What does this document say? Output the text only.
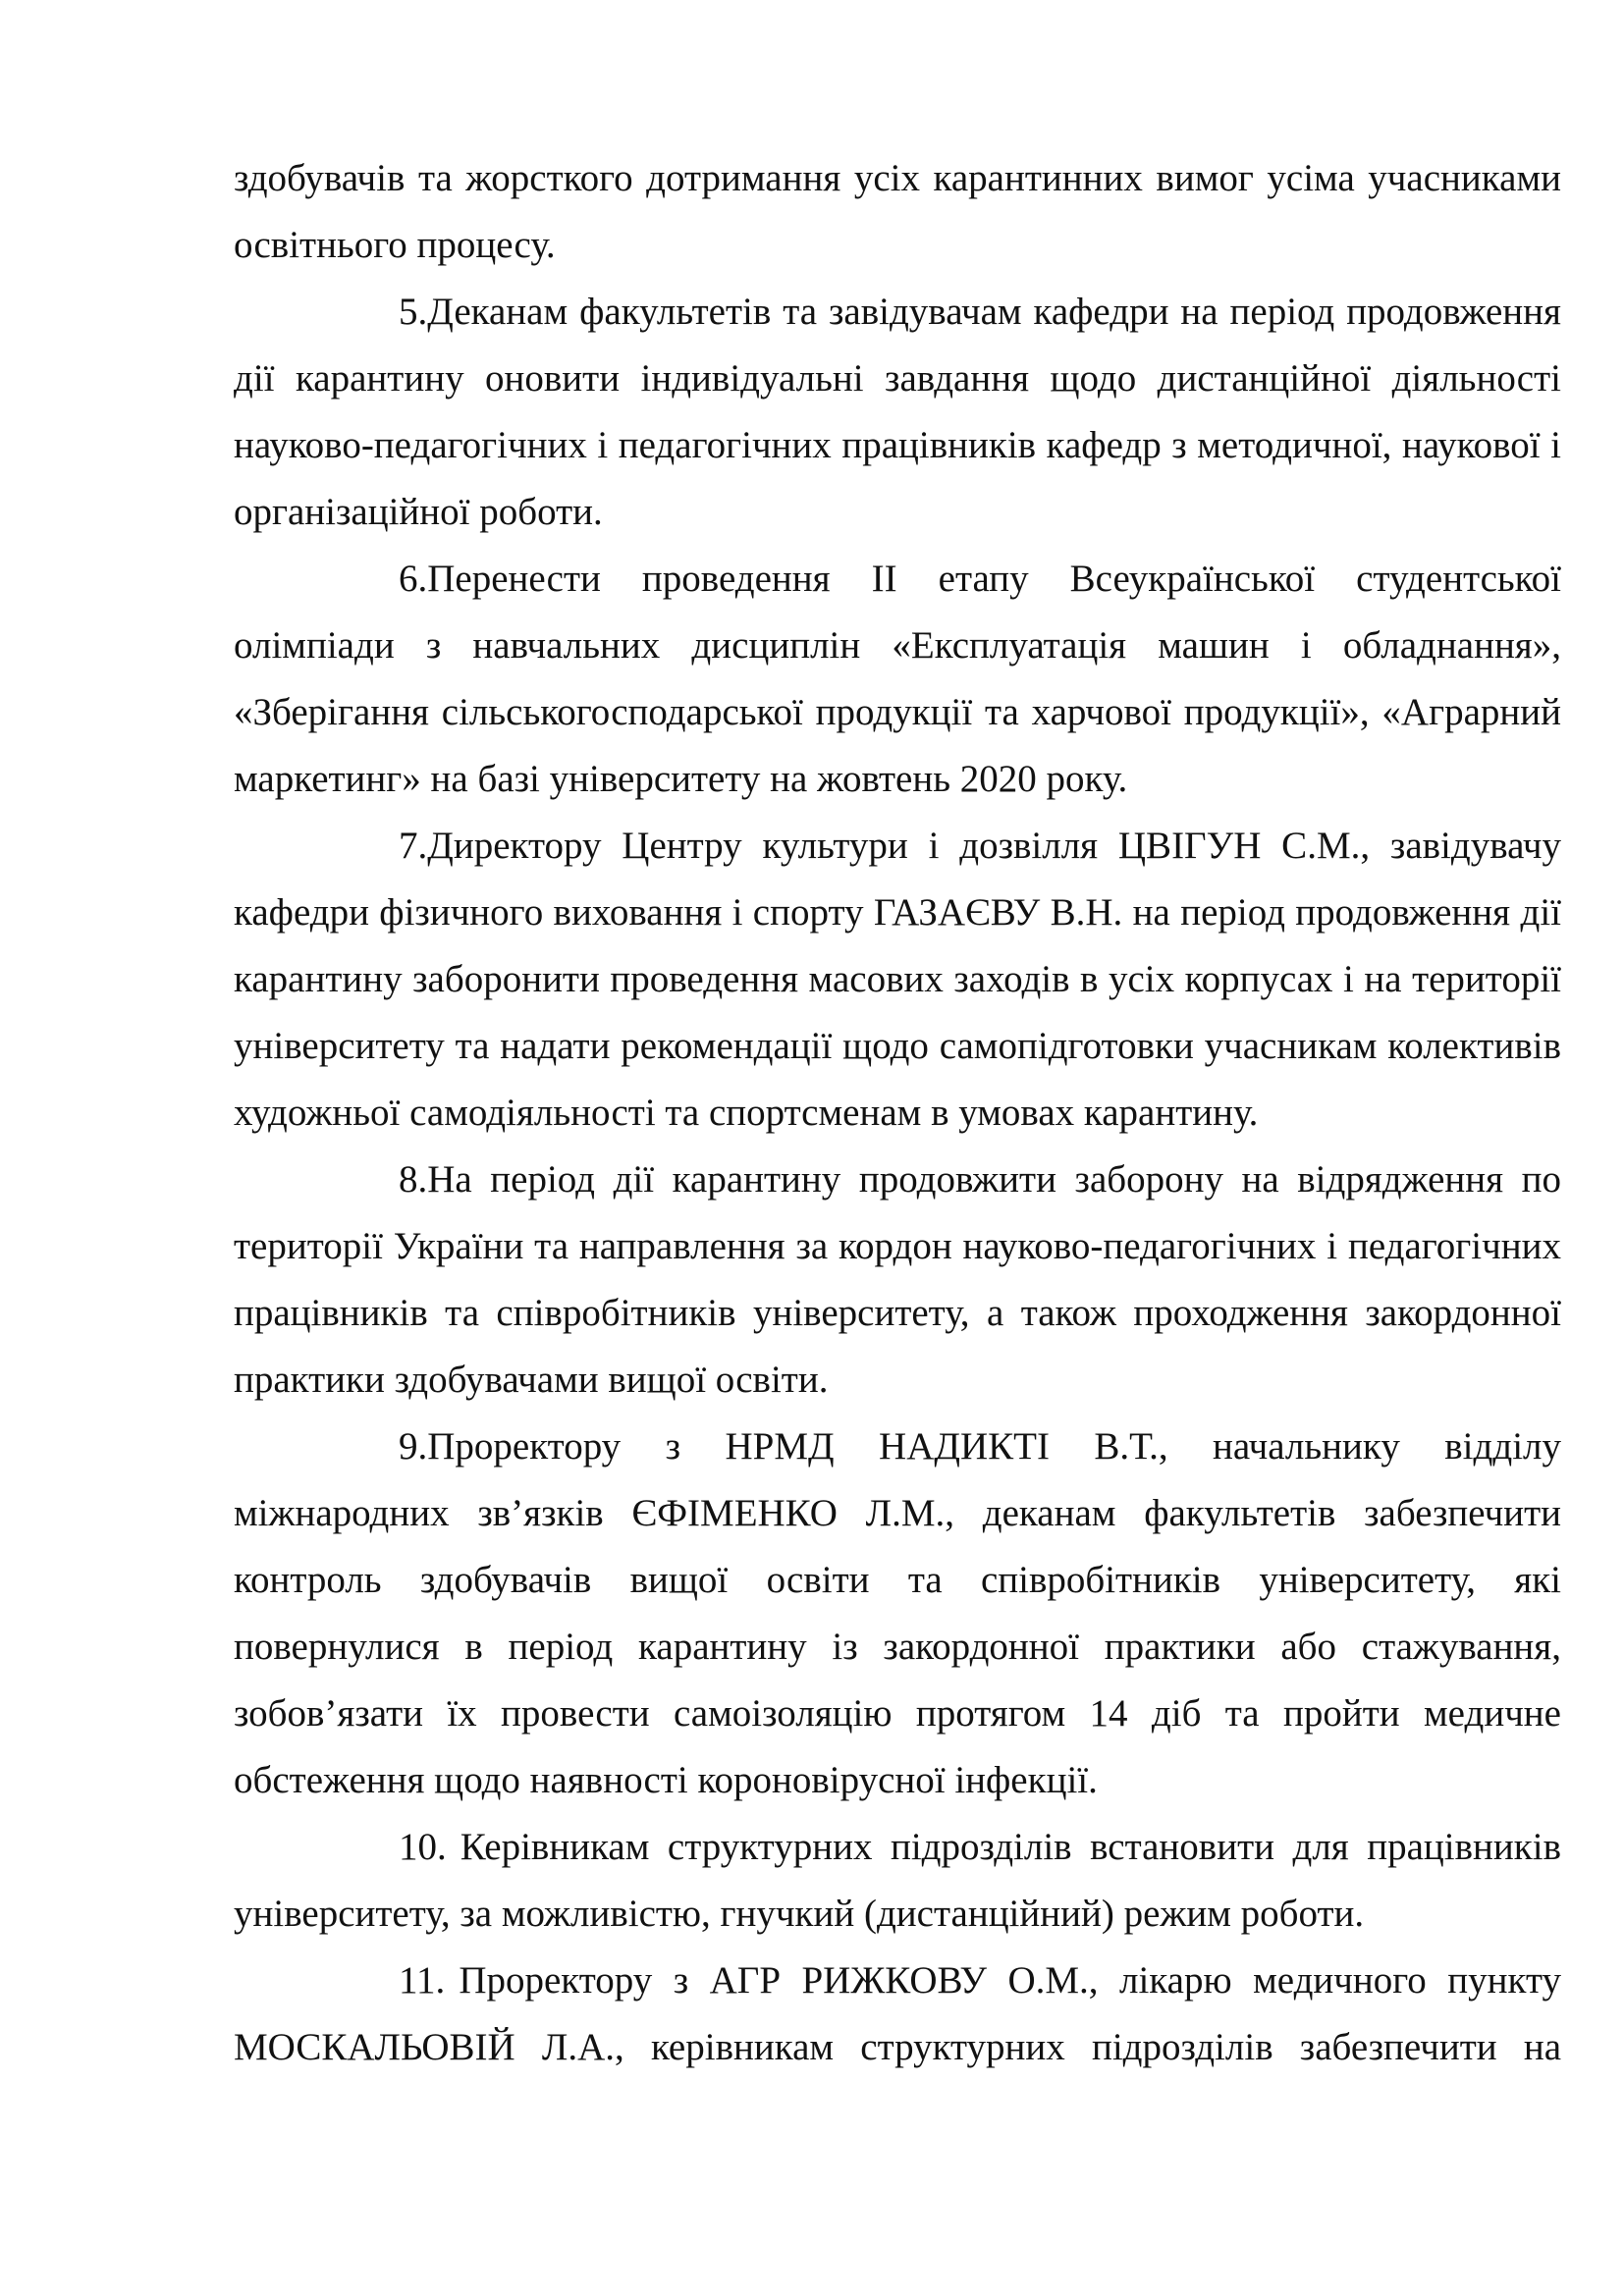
здобувачів та жорсткого дотримання усіх карантинних вимог усіма учасниками освітнього процесу.

5.Деканам факультетів та завідувачам кафедри на період продовження дії карантину оновити індивідуальні завдання щодо дистанційної діяльності науково-педагогічних і педагогічних працівників кафедр з методичної, наукової і організаційної роботи.

6.Перенести проведення ІІ етапу Всеукраїнської студентської олімпіади з навчальних дисциплін «Експлуатація машин і обладнання», «Зберігання сільськогосподарської продукції та харчової продукції», «Аграрний маркетинг» на базі університету на жовтень 2020 року.

7.Директору Центру культури і дозвілля ЦВІГУН С.М., завідувачу кафедри фізичного виховання і спорту ГАЗАЄВУ В.Н. на період продовження дії карантину заборонити проведення масових заходів в усіх корпусах і на території університету та надати рекомендації щодо самопідготовки учасникам колективів художньої самодіяльності та спортсменам в умовах карантину.

8.На період дії карантину продовжити заборону на відрядження по території України та направлення за кордон науково-педагогічних і педагогічних працівників та співробітників університету, а також проходження закордонної практики здобувачами вищої освіти.

9.Проректору з НРМД НАДИКТІ В.Т., начальнику відділу міжнародних зв’язків ЄФІМЕНКО Л.М., деканам факультетів забезпечити контроль здобувачів вищої освіти та співробітників університету, які повернулися в період карантину із закордонної практики або стажування, зобов’язати їх провести самоізоляцію протягом 14 діб та пройти медичне обстеження щодо наявності короновірусної інфекції.

10. Керівникам структурних підрозділів встановити для працівників університету, за можливістю, гнучкий (дистанційний) режим роботи.

11. Проректору з АГР РИЖКОВУ О.М., лікарю медичного пункту МОСКАЛЬОВІЙ Л.А., керівникам структурних підрозділів забезпечити на
